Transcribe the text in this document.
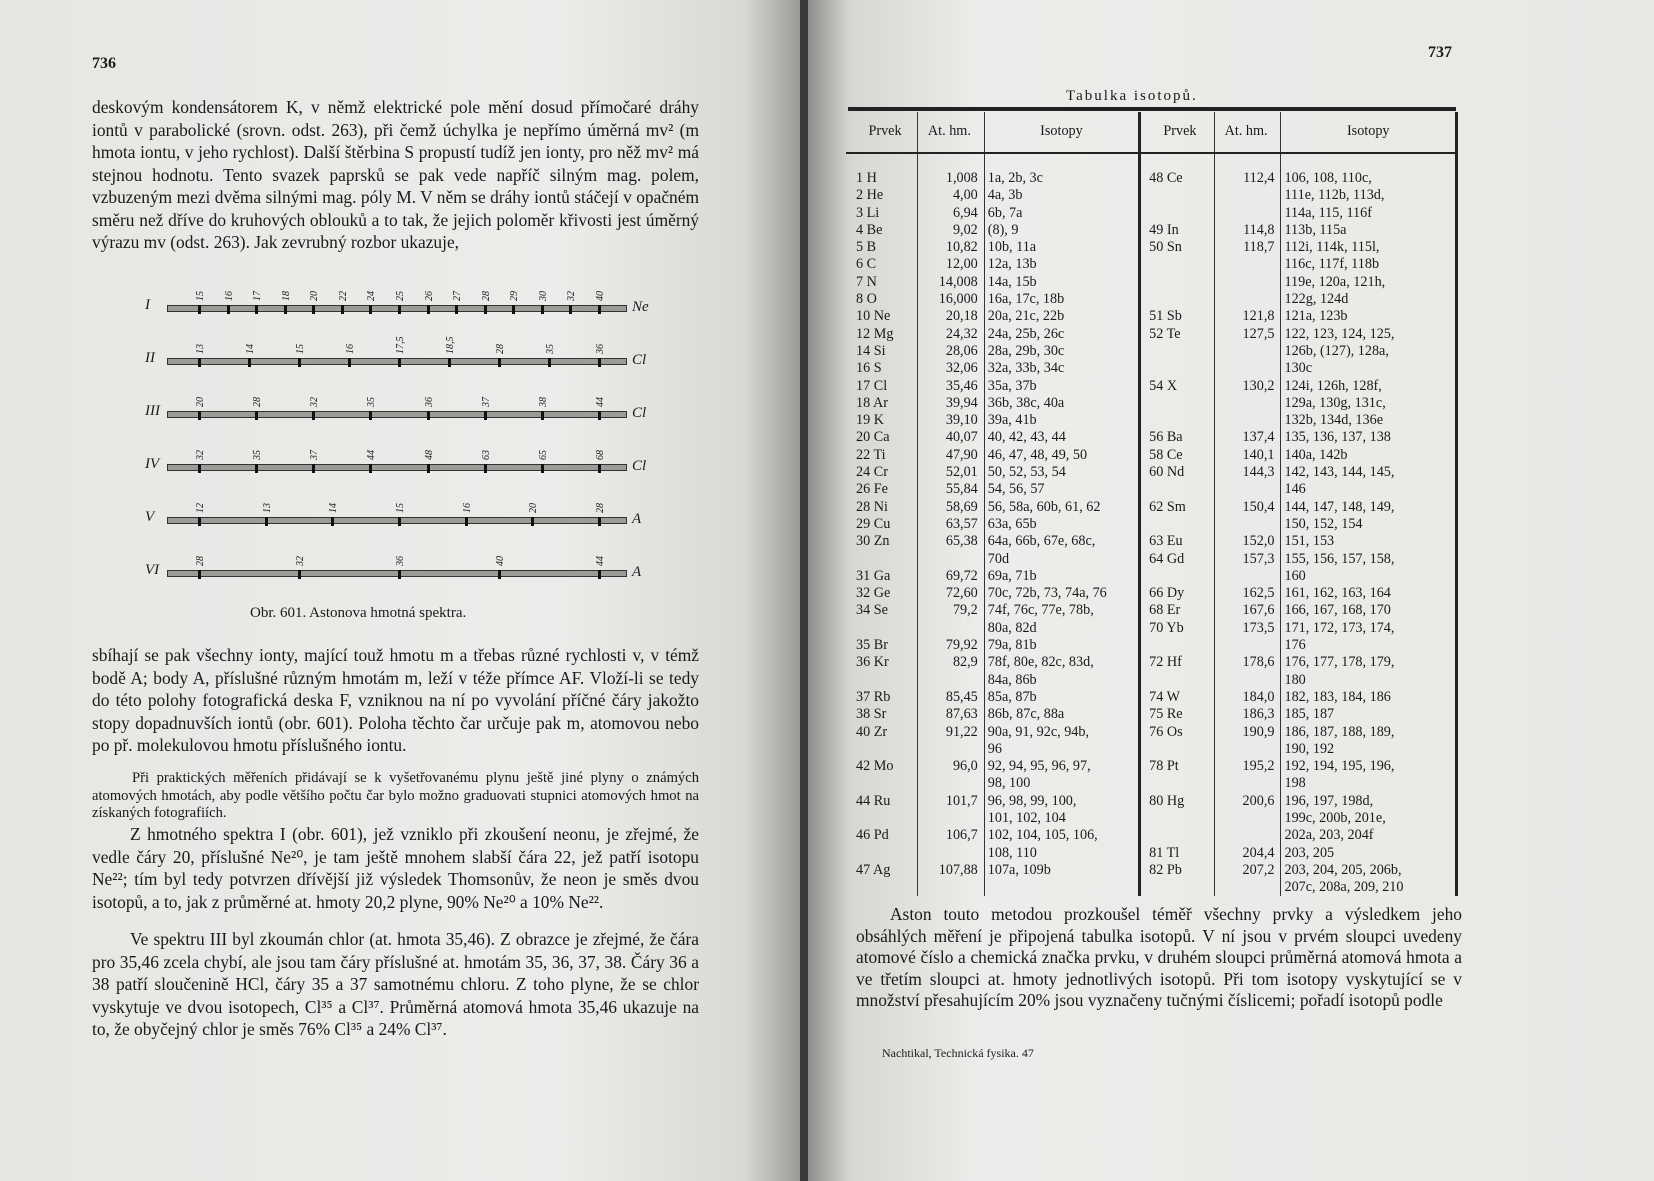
736

deskovým kondensátorem K, v němž elektrické pole mění dosud přímočaré dráhy iontů v parabolické (srovn. odst. 263), při čemž úchylka je nepřímo úměrná mv² (m hmota iontu, v jeho rychlost). Další štěrbina S propustí tudíž jen ionty, pro něž mv² má stejnou hodnotu. Tento svazek paprsků se pak vede napříč silným mag. polem, vzbuzeným mezi dvěma silnými mag. póly M. V něm se dráhy iontů stáčejí v opačném směru než dříve do kruhových oblouků a to tak, že jejich poloměr křivosti jest úměrný výrazu mv (odst. 263). Jak zevrubný rozbor ukazuje,

I	Ne
15 16 17 18 20 22 24 25 26 27 28 29 30 32 40
II	Cl
13	14	15	16	17,5	18,5	28	35	36
III	Cl
20	28	32	35	36	37	38	44
IV	Cl
32	35	37	44	48	63	65	68
V	A
12	13	14	15	16	20	28
VI	A
28	32	36	40	44
Obr. 601. Astonova hmotná spektra.

sbíhají se pak všechny ionty, mající touž hmotu m a třebas různé rychlosti v, v témž bodě A; body A, příslušné různým hmotám m, leží v téže přímce AF. Vloží-li se tedy do této polohy fotografická deska F, vzniknou na ní po vyvolání příčné čáry jakožto stopy dopadnuvších iontů (obr. 601). Poloha těchto čar určuje pak m, atomovou nebo po př. molekulovou hmotu příslušného iontu.

Při praktických měřeních přidávají se k vyšetřovanému plynu ještě jiné plyny o známých atomových hmotách, aby podle většího počtu čar bylo možno graduovati stupnici atomových hmot na získaných fotografiích.

Z hmotného spektra I (obr. 601), jež vzniklo při zkoušení neonu, je zřejmé, že vedle čáry 20, příslušné Ne²⁰, je tam ještě mnohem slabší čára 22, jež patří isotopu Ne²²; tím byl tedy potvrzen dřívější již výsledek Thomsonův, že neon je směs dvou isotopů, a to, jak z průměrné at. hmoty 20,2 plyne, 90% Ne²⁰ a 10% Ne²².

Ve spektru III byl zkoumán chlor (at. hmota 35,46). Z obrazce je zřejmé, že čára pro 35,46 zcela chybí, ale jsou tam čáry příslušné at. hmotám 35, 36, 37, 38. Čáry 36 a 38 patří sloučenině HCl, čáry 35 a 37 samotnému chloru. Z toho plyne, že se chlor vyskytuje ve dvou isotopech, Cl³⁵ a Cl³⁷. Průměrná atomová hmota 35,46 ukazuje na to, že obyčejný chlor je směs 76% Cl³⁵ a 24% Cl³⁷.

737
Tabulka isotopů.
Prvek	At. hm.	Isotopy	Prvek	At. hm.	Isotopy
1 H	1,008	1a, 2b, 3c	48 Ce	112,4	106, 108, 110c,
2 He	4,00	4a, 3b			111e, 112b, 113d,
3 Li	6,94	6b, 7a			114a, 115, 116f
4 Be	9,02	(8), 9	49 In	114,8	113b, 115a
5 B	10,82	10b, 11a	50 Sn	118,7	112i, 114k, 115l,
6 C	12,00	12a, 13b			116c, 117f, 118b
7 N	14,008	14a, 15b			119e, 120a, 121h,
8 O	16,000	16a, 17c, 18b			122g, 124d
10 Ne	20,18	20a, 21c, 22b	51 Sb	121,8	121a, 123b
12 Mg	24,32	24a, 25b, 26c	52 Te	127,5	122, 123, 124, 125,
14 Si	28,06	28a, 29b, 30c			126b, (127), 128a,
16 S	32,06	32a, 33b, 34c			130c
17 Cl	35,46	35a, 37b	54 X	130,2	124i, 126h, 128f,
18 Ar	39,94	36b, 38c, 40a			129a, 130g, 131c,
19 K	39,10	39a, 41b			132b, 134d, 136e
20 Ca	40,07	40, 42, 43, 44	56 Ba	137,4	135, 136, 137, 138
22 Ti	47,90	46, 47, 48, 49, 50	58 Ce	140,1	140a, 142b
24 Cr	52,01	50, 52, 53, 54	60 Nd	144,3	142, 143, 144, 145,
26 Fe	55,84	54, 56, 57			146
28 Ni	58,69	56, 58a, 60b, 61, 62	62 Sm	150,4	144, 147, 148, 149,
29 Cu	63,57	63a, 65b			150, 152, 154
30 Zn	65,38	64a, 66b, 67e, 68c,	63 Eu	152,0	151, 153
		70d	64 Gd	157,3	155, 156, 157, 158,
31 Ga	69,72	69a, 71b			160
32 Ge	72,60	70c, 72b, 73, 74a, 76	66 Dy	162,5	161, 162, 163, 164
34 Se	79,2	74f, 76c, 77e, 78b,	68 Er	167,6	166, 167, 168, 170
		80a, 82d	70 Yb	173,5	171, 172, 173, 174,
35 Br	79,92	79a, 81b			176
36 Kr	82,9	78f, 80e, 82c, 83d,	72 Hf	178,6	176, 177, 178, 179,
		84a, 86b			180
37 Rb	85,45	85a, 87b	74 W	184,0	182, 183, 184, 186
38 Sr	87,63	86b, 87c, 88a	75 Re	186,3	185, 187
40 Zr	91,22	90a, 91, 92c, 94b,	76 Os	190,9	186, 187, 188, 189,
		96			190, 192
42 Mo	96,0	92, 94, 95, 96, 97,	78 Pt	195,2	192, 194, 195, 196,
		98, 100			198
44 Ru	101,7	96, 98, 99, 100,	80 Hg	200,6	196, 197, 198d,
		101, 102, 104			199c, 200b, 201e,
46 Pd	106,7	102, 104, 105, 106,			202a, 203, 204f
		108, 110	81 Tl	204,4	203, 205
47 Ag	107,88	107a, 109b	82 Pb	207,2	203, 204, 205, 206b,
					207c, 208a, 209, 210

Aston touto metodou prozkoušel téměř všechny prvky a výsledkem jeho obsáhlých měření je připojená tabulka isotopů. V ní jsou v prvém sloupci uvedeny atomové číslo a chemická značka prvku, v druhém sloupci průměrná atomová hmota a ve třetím sloupci at. hmoty jednotlivých isotopů. Při tom isotopy vyskytující se v množství přesahujícím 20% jsou vyznačeny tučnými číslicemi; pořadí isotopů podle

Nachtikal, Technická fysika. 47
